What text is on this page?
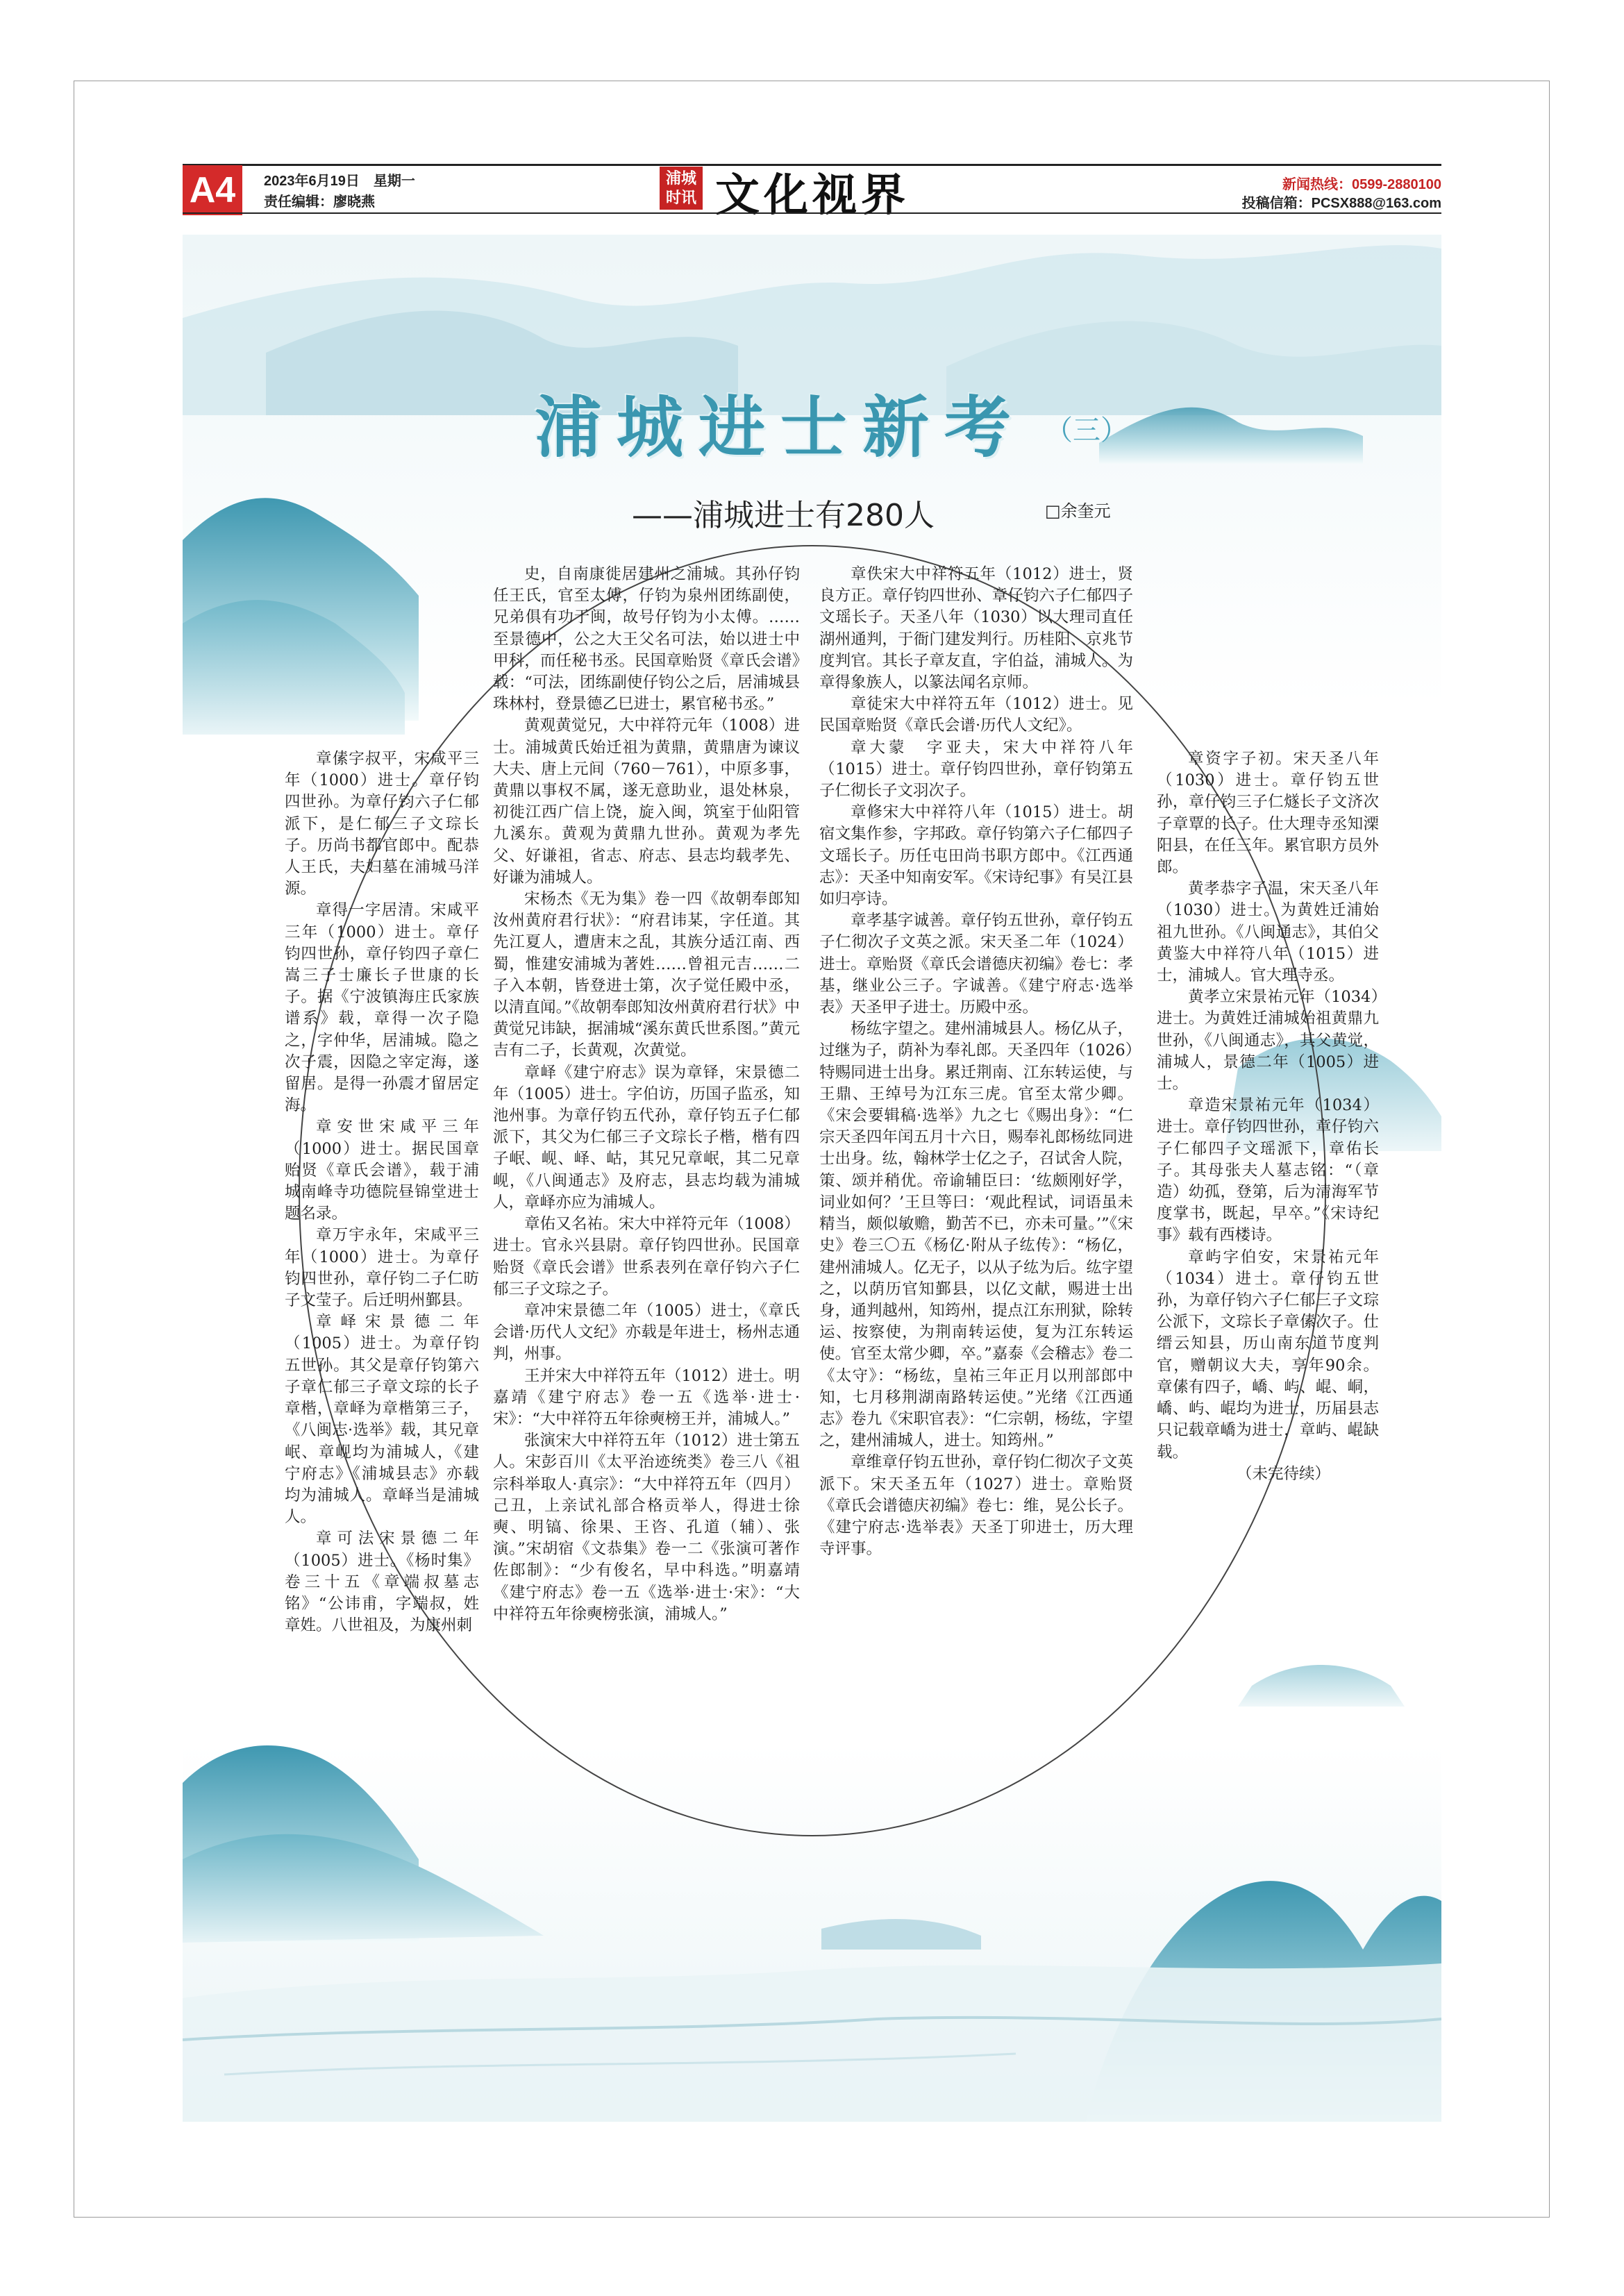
A4	2023年6月19日　星期一
责任编辑：廖晓燕
浦城
时讯 文化视界	新闻热线：0599-2880100
投稿信箱：PCSX888@163.com
浦城进士新考 （三）
——浦城进士有280人	□余奎元

章傃字叔平，宋咸平三年（1000）进士。章仔钧四世孙。为章仔钧六子仁郁派下，是仁郁三子文琮长子。历尚书都官郎中。配恭人王氏，夫妇墓在浦城马洋源。

章得一字居清。宋咸平三年（1000）进士。章仔钧四世孙，章仔钧四子章仁嵩三子士廉长子世康的长子。据《宁波镇海庄氏家族谱系》载，章得一次子隐之，字仲华，居浦城。隐之次子震，因隐之宰定海，遂留居。是得一孙震才留居定海。

章安世宋咸平三年（1000）进士。据民国章贻贤《章氏会谱》，载于浦城南峰寺功德院昼锦堂进士题名录。

章万宇永年，宋咸平三年（1000）进士。为章仔钧四世孙，章仔钧二子仁昉子文莹子。后迁明州鄞县。

章峄宋景德二年（1005）进士。为章仔钧五世孙。其父是章仔钧第六子章仁郁三子章文琮的长子章楷，章峄为章楷第三子，《八闽志·选举》载，其兄章岷、章岘均为浦城人，《建宁府志》《浦城县志》亦载均为浦城人。章峄当是浦城人。

章可法宋景德二年（1005）进士。《杨时集》卷三十五《章端叔墓志铭》“公讳甫，字端叔，姓章姓。八世祖及，为康州刺

史，自南康徙居建州之浦城。其孙仔钧任王氏，官至太傅，仔钧为泉州团练副使，兄弟俱有功于闽，故号仔钧为小太傅。……至景德中，公之大王父名可法，始以进士中甲科，而任秘书丞。民国章贻贤《章氏会谱》载：“可法，团练副使仔钧公之后，居浦城县珠林村，登景德乙巳进士，累官秘书丞。”

黄观黄觉兄，大中祥符元年（1008）进士。浦城黄氏始迁祖为黄鼎，黄鼎唐为谏议大夫、唐上元间（760－761），中原多事，黄鼎以事权不属，遂无意助业，退处林泉，初徙江西广信上饶，旋入闽，筑室于仙阳管九溪东。黄观为黄鼎九世孙。黄观为孝先父、好谦祖，省志、府志、县志均载孝先、好谦为浦城人。

宋杨杰《无为集》卷一四《故朝奉郎知汝州黄府君行状》：“府君讳某，字任道。其先江夏人，遭唐末之乱，其族分适江南、西蜀，惟建安浦城为著姓……曾祖元吉……二子入本朝，皆登进士第，次子觉任殿中丞，以清直闻。”《故朝奉郎知汝州黄府君行状》中黄觉兄讳缺，据浦城“溪东黄氏世系图。”黄元吉有二子，长黄观，次黄觉。

章峄《建宁府志》误为章铎，宋景德二年（1005）进士。字伯访，历国子监丞，知池州事。为章仔钧五代孙，章仔钧五子仁郁派下，其父为仁郁三子文琮长子楷，楷有四子岷、岘、峄、岵，其兄兄章岷，其二兄章岘，《八闽通志》及府志，县志均载为浦城人，章峄亦应为浦城人。

章佑又名祐。宋大中祥符元年（1008）进士。官永兴县尉。章仔钧四世孙。民国章贻贤《章氏会谱》世系表列在章仔钧六子仁郁三子文琮之子。

章冲宋景德二年（1005）进士，《章氏会谱·历代人文纪》亦载是年进士，杨州志通判，州事。

王并宋大中祥符五年（1012）进士。明嘉靖《建宁府志》卷一五《选举·进士·宋》：“大中祥符五年徐奭榜王并，浦城人。”

张演宋大中祥符五年（1012）进士第五人。宋彭百川《太平治迹统类》卷三八《祖宗科举取人·真宗》：“大中祥符五年（四月）己丑，上亲试礼部合格贡举人，得进士徐奭、明镐、徐果、王咨、孔道（辅）、张演。”宋胡宿《文恭集》卷一二《张演可著作佐郎制》：“少有俊名，早中科选。”明嘉靖《建宁府志》卷一五《选举·进士·宋》：“大中祥符五年徐奭榜张演，浦城人。”

章佚宋大中祥符五年（1012）进士，贤良方正。章仔钧四世孙、章仔钧六子仁郁四子文瑶长子。天圣八年（1030）以大理司直任湖州通判，于衙门建发判行。历桂阳、京兆节度判官。其长子章友直，字伯益，浦城人。为章得象族人，以篆法闻名京师。

章徒宋大中祥符五年（1012）进士。见民国章贻贤《章氏会谱·历代人文纪》。

章大蒙　字亚夫，宋大中祥符八年（1015）进士。章仔钧四世孙，章仔钧第五子仁彻长子文羽次子。

章修宋大中祥符八年（1015）进士。胡宿文集作参，字邦政。章仔钧第六子仁郁四子文瑶长子。历任屯田尚书职方郎中。《江西通志》：天圣中知南安军。《宋诗纪事》有吴江县如归亭诗。

章孝基字诚善。章仔钧五世孙，章仔钧五子仁彻次子文英之派。宋天圣二年（1024）进士。章贻贤《章氏会谱德庆初编》卷七：孝基，继业公三子。字诚善。《建宁府志·选举表》天圣甲子进士。历殿中丞。

杨纮字望之。建州浦城县人。杨亿从子，过继为子，荫补为奉礼郎。天圣四年（1026）特赐同进士出身。累迁荆南、江东转运使，与王鼎、王绰号为江东三虎。官至太常少卿。《宋会要辑稿·选举》九之七《赐出身》：“仁宗天圣四年闰五月十六日，赐奉礼郎杨纮同进士出身。纮，翰林学士亿之子，召试舍人院，策、颂并稍优。帝谕辅臣曰：‘纮颇刚好学，词业如何？’王旦等曰：‘观此程试，词语虽未精当，颇似敏赡，勤苦不已，亦未可量。’”《宋史》卷三〇五《杨亿·附从子纮传》：“杨亿，建州浦城人。亿无子，以从子纮为后。纮字望之，以荫历官知鄞县，以亿文献，赐进士出身，通判越州，知筠州，提点江东刑狱，除转运、按察使，为荆南转运使，复为江东转运使。官至太常少卿，卒。”嘉泰《会稽志》卷二《太守》：“杨纮，皇祐三年正月以刑部郎中知，七月移荆湖南路转运使。”光绪《江西通志》卷九《宋职官表》：“仁宗朝，杨纮，字望之，建州浦城人，进士。知筠州。”

章维章仔钧五世孙，章仔钧仁彻次子文英派下。宋天圣五年（1027）进士。章贻贤《章氏会谱德庆初编》卷七：维，晃公长子。《建宁府志·选举表》天圣丁卯进士，历大理寺评事。

章资字子初。宋天圣八年（1030）进士。章仔钧五世孙，章仔钧三子仁燧长子文济次子章覃的长子。仕大理寺丞知溧阳县，在任三年。累官职方员外郎。

黄孝恭字子温，宋天圣八年（1030）进士。为黄姓迁浦始祖九世孙。《八闽通志》，其伯父黄鉴大中祥符八年（1015）进士，浦城人。官大理寺丞。

黄孝立宋景祐元年（1034）进士。为黄姓迁浦城始祖黄鼎九世孙，《八闽通志》，其父黄觉，浦城人，景德二年（1005）进士。

章造宋景祐元年（1034）进士。章仔钧四世孙，章仔钧六子仁郁四子文瑶派下，章佑长子。其母张夫人墓志铭：“（章造）幼孤，登第，后为清海军节度掌书，既起，早卒。”《宋诗纪事》载有西楼诗。

章屿字伯安，宋景祐元年（1034）进士。章仔钧五世孙，为章仔钧六子仁郁三子文琮公派下，文琮长子章傃次子。仕缙云知县，历山南东道节度判官，赠朝议大夫，享年90余。章傃有四子，嶠、屿、崐、峒，嶠、屿、崐均为进士，历届县志只记载章嶠为进士，章屿、崐缺载。

（未完待续）
